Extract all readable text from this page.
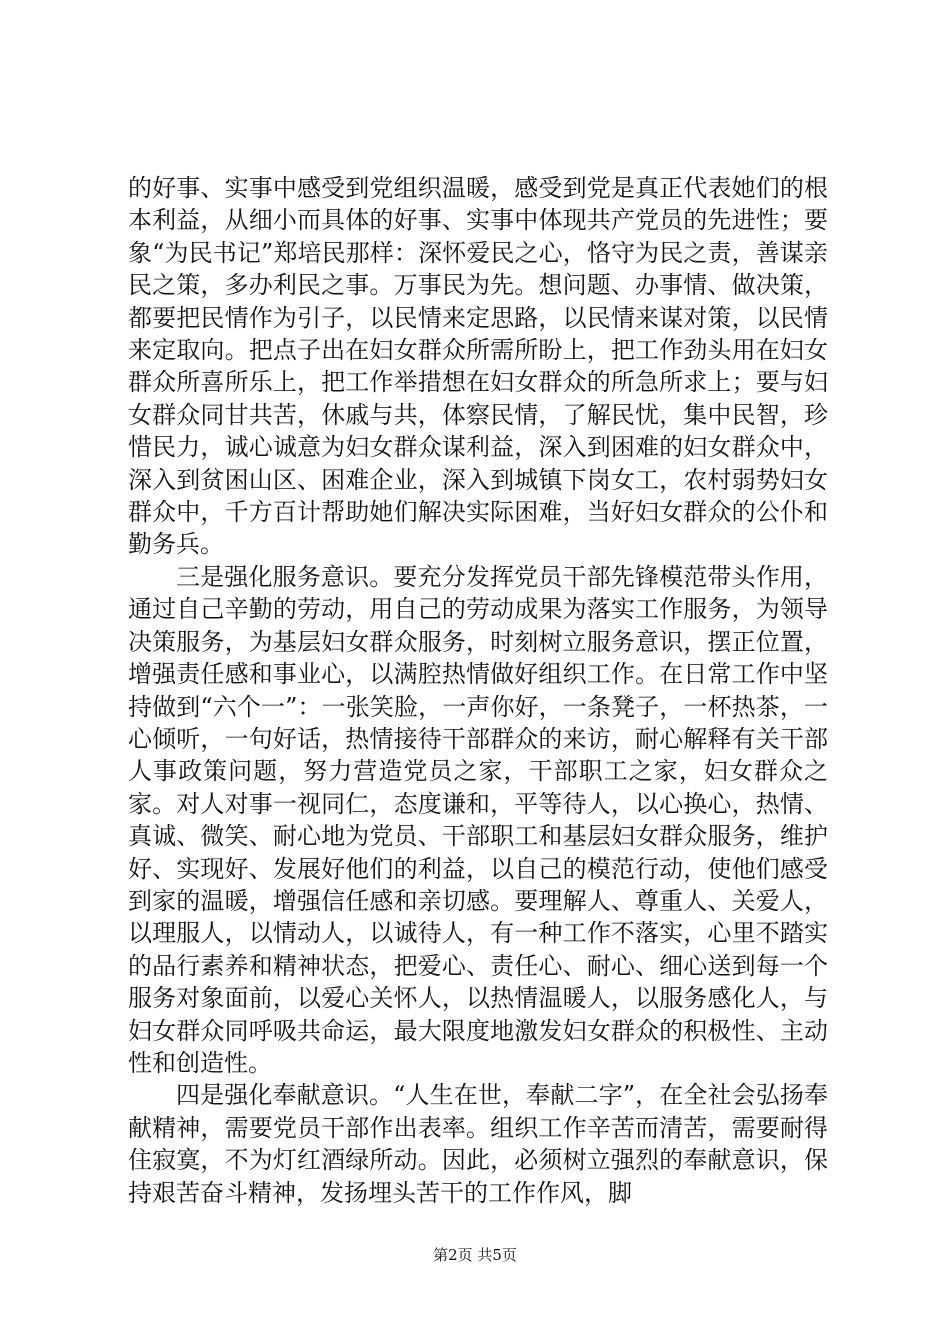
的好事、实事中感受到党组织温暖，感受到党是真正代表她们的根本利益，从细小而具体的好事、实事中体现共产党员的先进性；要象“为民书记”郑培民那样：深怀爱民之心，恪守为民之责，善谋亲民之策，多办利民之事。万事民为先。想问题、办事情、做决策，都要把民情作为引子，以民情来定思路，以民情来谋对策，以民情来定取向。把点子出在妇女群众所需所盼上，把工作劲头用在妇女群众所喜所乐上，把工作举措想在妇女群众的所急所求上；要与妇女群众同甘共苦，休戚与共，体察民情，了解民忧，集中民智，珍惜民力，诚心诚意为妇女群众谋利益，深入到困难的妇女群众中，深入到贫困山区、困难企业，深入到城镇下岗女工，农村弱势妇女群众中，千方百计帮助她们解决实际困难，当好妇女群众的公仆和勤务兵。

三是强化服务意识。要充分发挥党员干部先锋模范带头作用，通过自己辛勤的劳动，用自己的劳动成果为落实工作服务，为领导决策服务，为基层妇女群众服务，时刻树立服务意识，摆正位置，增强责任感和事业心，以满腔热情做好组织工作。在日常工作中坚持做到“六个一”：一张笑脸，一声你好，一条凳子，一杯热茶，一心倾听，一句好话，热情接待干部群众的来访，耐心解释有关干部人事政策问题，努力营造党员之家，干部职工之家，妇女群众之家。对人对事一视同仁，态度谦和，平等待人，以心换心，热情、真诚、微笑、耐心地为党员、干部职工和基层妇女群众服务，维护好、实现好、发展好他们的利益，以自己的模范行动，使他们感受到家的温暖，增强信任感和亲切感。要理解人、尊重人、关爱人，以理服人，以情动人，以诚待人，有一种工作不落实，心里不踏实的品行素养和精神状态，把爱心、责任心、耐心、细心送到每一个服务对象面前，以爱心关怀人，以热情温暖人，以服务感化人，与妇女群众同呼吸共命运，最大限度地激发妇女群众的积极性、主动性和创造性。

四是强化奉献意识。“人生在世，奉献二字”，在全社会弘扬奉献精神，需要党员干部作出表率。组织工作辛苦而清苦，需要耐得住寂寞，不为灯红酒绿所动。因此，必须树立强烈的奉献意识，保持艰苦奋斗精神，发扬埋头苦干的工作作风，脚

第2页 共5页
